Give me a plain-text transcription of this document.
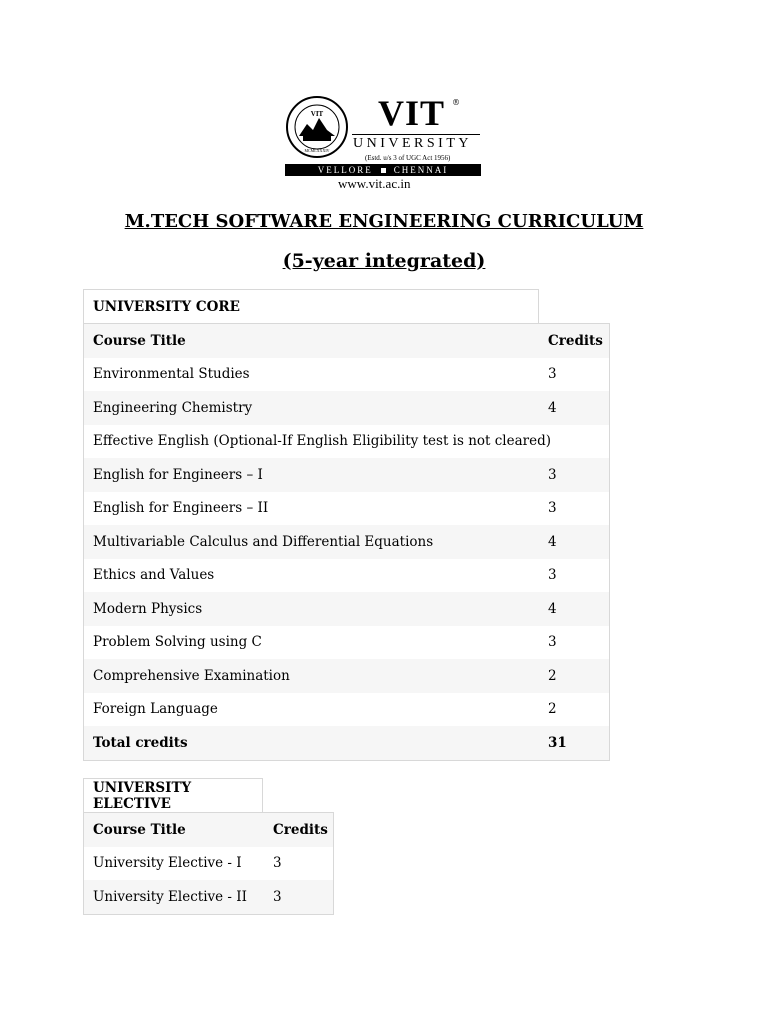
VIT
MCMLXXXIV
VIT ®
UNIVERSITY
(Estd. u/s 3 of UGC Act 1956)
VELLORE CHENNAI
www.vit.ac.in
M.TECH SOFTWARE ENGINEERING CURRICULUM
(5-year integrated)
UNIVERSITY CORE
Course Title	Credits
Environmental Studies	3
Engineering Chemistry	4
Effective English (Optional-If English Eligibility test is not cleared)
English for Engineers – I	3
English for Engineers – II	3
Multivariable Calculus and Differential Equations	4
Ethics and Values	3
Modern Physics	4
Problem Solving using C	3
Comprehensive Examination	2
Foreign Language	2
Total credits	31
UNIVERSITY ELECTIVE
Course Title	Credits
University Elective - I	3
University Elective - II	3
